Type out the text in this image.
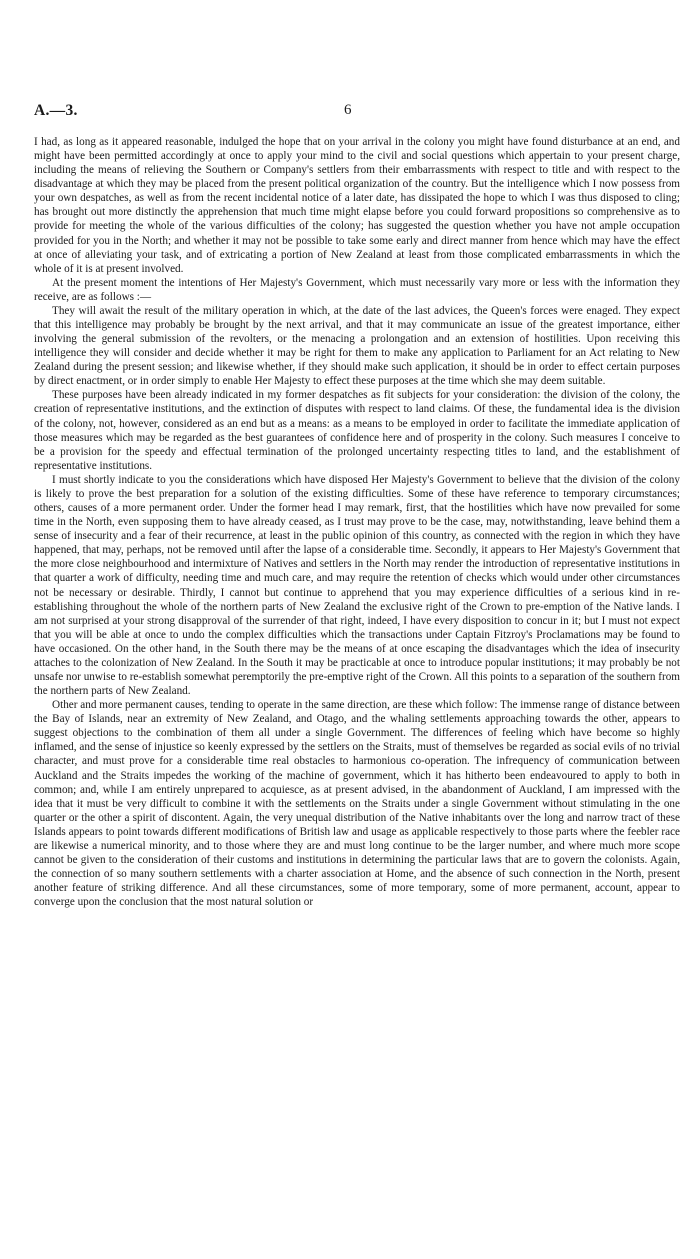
A.—3.	6

I had, as long as it appeared reasonable, indulged the hope that on your arrival in the colony you might have found disturbance at an end, and might have been permitted accordingly at once to apply your mind to the civil and social questions which appertain to your present charge, including the means of relieving the Southern or Company's settlers from their embarrassments with respect to title and with respect to the disadvantage at which they may be placed from the present political organization of the country. But the intelligence which I now possess from your own despatches, as well as from the recent incidental notice of a later date, has dissipated the hope to which I was thus disposed to cling; has brought out more distinctly the apprehension that much time might elapse before you could forward propositions so comprehensive as to provide for meeting the whole of the various difficulties of the colony; has suggested the question whether you have not ample occupation provided for you in the North; and whether it may not be possible to take some early and direct manner from hence which may have the effect at once of alleviating your task, and of extricating a portion of New Zealand at least from those complicated embarrassments in which the whole of it is at present involved.

At the present moment the intentions of Her Majesty's Government, which must necessarily vary more or less with the information they receive, are as follows :—

They will await the result of the military operation in which, at the date of the last advices, the Queen's forces were enaged. They expect that this intelligence may probably be brought by the next arrival, and that it may communicate an issue of the greatest importance, either involving the general submission of the revolters, or the menacing a prolongation and an extension of hostilities. Upon receiving this intelligence they will consider and decide whether it may be right for them to make any application to Parliament for an Act relating to New Zealand during the present session; and likewise whether, if they should make such application, it should be in order to effect certain purposes by direct enactment, or in order simply to enable Her Majesty to effect these purposes at the time which she may deem suitable.

These purposes have been already indicated in my former despatches as fit subjects for your consideration: the division of the colony, the creation of representative institutions, and the extinction of disputes with respect to land claims. Of these, the fundamental idea is the division of the colony, not, however, considered as an end but as a means: as a means to be employed in order to facilitate the immediate application of those measures which may be regarded as the best guarantees of confidence here and of prosperity in the colony. Such measures I conceive to be a provision for the speedy and effectual termination of the prolonged uncertainty respecting titles to land, and the establishment of representative institutions.

I must shortly indicate to you the considerations which have disposed Her Majesty's Government to believe that the division of the colony is likely to prove the best preparation for a solution of the existing difficulties. Some of these have reference to temporary circumstances; others, causes of a more permanent order. Under the former head I may remark, first, that the hostilities which have now prevailed for some time in the North, even supposing them to have already ceased, as I trust may prove to be the case, may, notwithstanding, leave behind them a sense of insecurity and a fear of their recurrence, at least in the public opinion of this country, as connected with the region in which they have happened, that may, perhaps, not be removed until after the lapse of a considerable time. Secondly, it appears to Her Majesty's Government that the more close neighbourhood and intermixture of Natives and settlers in the North may render the introduction of representative institutions in that quarter a work of difficulty, needing time and much care, and may require the retention of checks which would under other circumstances not be necessary or desirable. Thirdly, I cannot but continue to apprehend that you may experience difficulties of a serious kind in re-establishing throughout the whole of the northern parts of New Zealand the exclusive right of the Crown to pre-emption of the Native lands. I am not surprised at your strong disapproval of the surrender of that right, indeed, I have every disposition to concur in it; but I must not expect that you will be able at once to undo the complex difficulties which the transactions under Captain Fitzroy's Proclamations may be found to have occasioned. On the other hand, in the South there may be the means of at once escaping the disadvantages which the idea of insecurity attaches to the colonization of New Zealand. In the South it may be practicable at once to introduce popular institutions; it may probably be not unsafe nor unwise to re-establish somewhat peremptorily the pre-emptive right of the Crown. All this points to a separation of the southern from the northern parts of New Zealand.

Other and more permanent causes, tending to operate in the same direction, are these which follow: The immense range of distance between the Bay of Islands, near an extremity of New Zealand, and Otago, and the whaling settlements approaching towards the other, appears to suggest objections to the combination of them all under a single Government. The differences of feeling which have become so highly inflamed, and the sense of injustice so keenly expressed by the settlers on the Straits, must of themselves be regarded as social evils of no trivial character, and must prove for a considerable time real obstacles to harmonious co-operation. The infrequency of communication between Auckland and the Straits impedes the working of the machine of government, which it has hitherto been endeavoured to apply to both in common; and, while I am entirely unprepared to acquiesce, as at present advised, in the abandonment of Auckland, I am impressed with the idea that it must be very difficult to combine it with the settlements on the Straits under a single Government without stimulating in the one quarter or the other a spirit of discontent. Again, the very unequal distribution of the Native inhabitants over the long and narrow tract of these Islands appears to point towards different modifications of British law and usage as applicable respectively to those parts where the feebler race are likewise a numerical minority, and to those where they are and must long continue to be the larger number, and where much more scope cannot be given to the consideration of their customs and institutions in determining the particular laws that are to govern the colonists. Again, the connection of so many southern settlements with a charter association at Home, and the absence of such connection in the North, present another feature of striking difference. And all these circumstances, some of more temporary, some of more permanent, account, appear to converge upon the conclusion that the most natural solution or
